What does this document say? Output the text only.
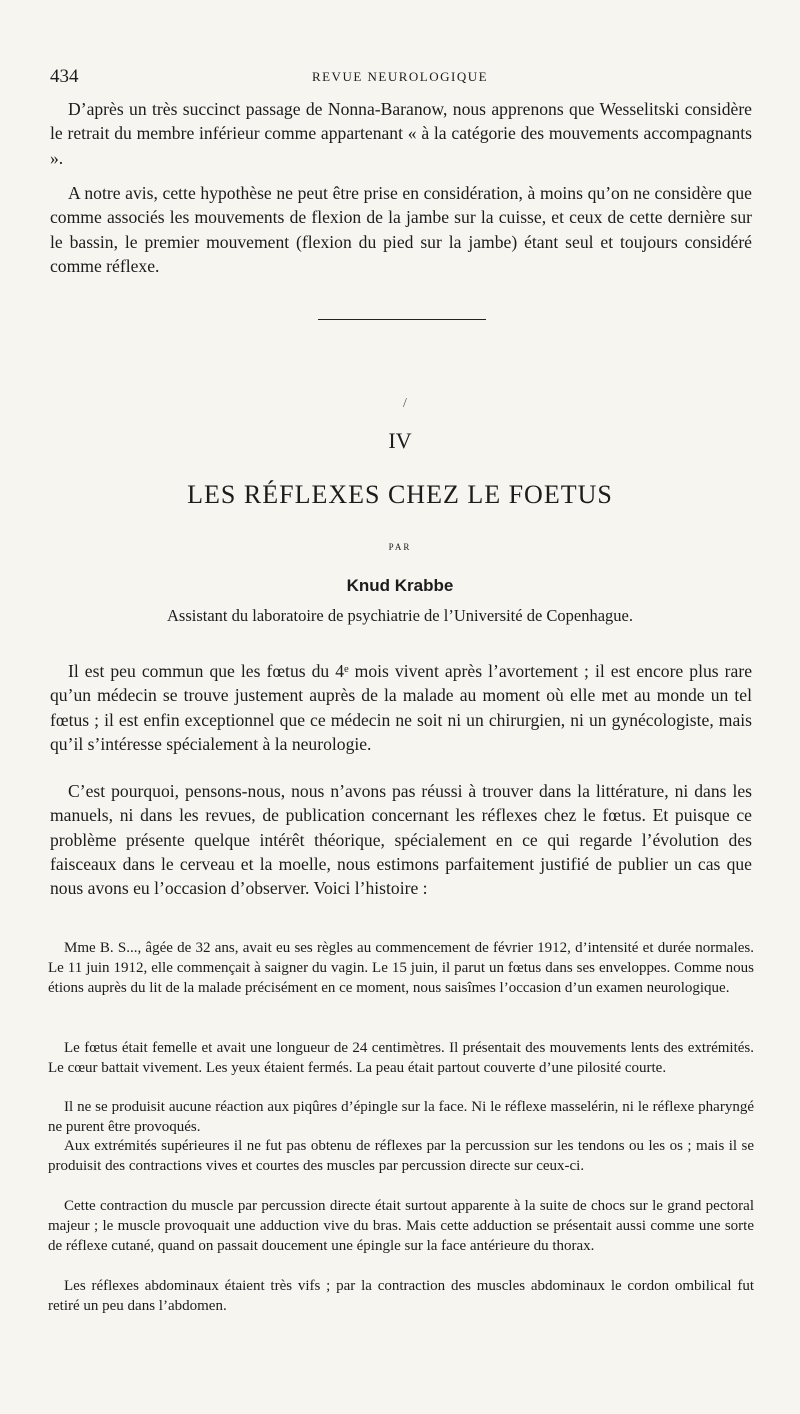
434	REVUE NEUROLOGIQUE

D’après un très succinct passage de Nonna-Baranow, nous apprenons que Wesselitski considère le retrait du membre inférieur comme appartenant « à la catégorie des mouvements accompagnants ».

A notre avis, cette hypothèse ne peut être prise en considération, à moins qu’on ne considère que comme associés les mouvements de flexion de la jambe sur la cuisse, et ceux de cette dernière sur le bassin, le premier mouvement (flexion du pied sur la jambe) étant seul et toujours considéré comme réflexe.

/
IV
LES RÉFLEXES CHEZ LE FOETUS
PAR
Knud Krabbe
Assistant du laboratoire de psychiatrie de l’Université de Copenhague.

Il est peu commun que les fœtus du 4ᵉ mois vivent après l’avortement ; il est encore plus rare qu’un médecin se trouve justement auprès de la malade au moment où elle met au monde un tel fœtus ; il est enfin exceptionnel que ce médecin ne soit ni un chirurgien, ni un gynécologiste, mais qu’il s’intéresse spécialement à la neurologie.

C’est pourquoi, pensons-nous, nous n’avons pas réussi à trouver dans la littérature, ni dans les manuels, ni dans les revues, de publication concernant les réflexes chez le fœtus. Et puisque ce problème présente quelque intérêt théorique, spécialement en ce qui regarde l’évolution des faisceaux dans le cerveau et la moelle, nous estimons parfaitement justifié de publier un cas que nous avons eu l’occasion d’observer. Voici l’histoire :

Mme B. S..., âgée de 32 ans, avait eu ses règles au commencement de février 1912, d’intensité et durée normales. Le 11 juin 1912, elle commençait à saigner du vagin. Le 15 juin, il parut un fœtus dans ses enveloppes. Comme nous étions auprès du lit de la malade précisément en ce moment, nous saisîmes l’occasion d’un examen neurologique.

Le fœtus était femelle et avait une longueur de 24 centimètres. Il présentait des mouvements lents des extrémités. Le cœur battait vivement. Les yeux étaient fermés. La peau était partout couverte d’une pilosité courte.

Il ne se produisit aucune réaction aux piqûres d’épingle sur la face. Ni le réflexe masselérin, ni le réflexe pharyngé ne purent être provoqués.

Aux extrémités supérieures il ne fut pas obtenu de réflexes par la percussion sur les tendons ou les os ; mais il se produisit des contractions vives et courtes des muscles par percussion directe sur ceux-ci.

Cette contraction du muscle par percussion directe était surtout apparente à la suite de chocs sur le grand pectoral majeur ; le muscle provoquait une adduction vive du bras. Mais cette adduction se présentait aussi comme une sorte de réflexe cutané, quand on passait doucement une épingle sur la face antérieure du thorax.

Les réflexes abdominaux étaient très vifs ; par la contraction des muscles abdominaux le cordon ombilical fut retiré un peu dans l’abdomen.
